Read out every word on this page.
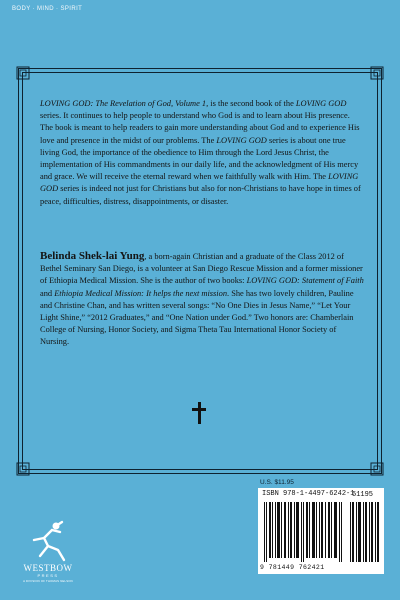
BODY · MIND · SPIRIT
LOVING GOD: The Revelation of God, Volume 1, is the second book of the LOVING GOD series. It continues to help people to understand who God is and to learn about His presence. The book is meant to help readers to gain more understanding about God and to experience His love and presence in the midst of our problems. The LOVING GOD series is about one true living God, the importance of the obedience to Him through the Lord Jesus Christ, the implementation of His commandments in our daily life, and the acknowledgment of His mercy and grace. We will receive the eternal reward when we faithfully walk with Him. The LOVING GOD series is indeed not just for Christians but also for non-Christians to have hope in times of peace, difficulties, distress, disappointments, or disaster.
Belinda Shek-lai Yung, a born-again Christian and a graduate of the Class 2012 of Bethel Seminary San Diego, is a volunteer at San Diego Rescue Mission and a former missioner of Ethiopia Medical Mission. She is the author of two books: LOVING GOD: Statement of Faith and Ethiopia Medical Mission: It helps the next mission. She has two lovely children, Pauline and Christine Chan, and has written several songs: “No One Dies in Jesus Name,” “Let Your Light Shine,” “2012 Graduates,” and “One Nation under God.” Two honors are: Chamberlain College of Nursing, Honor Society, and Sigma Theta Tau International Honor Society of Nursing.
U.S. $11.95
ISBN 978-1-4497-6242-1
51195
9 781449 762421
WESTBOW
PRESS
A DIVISION OF THOMAS NELSON
